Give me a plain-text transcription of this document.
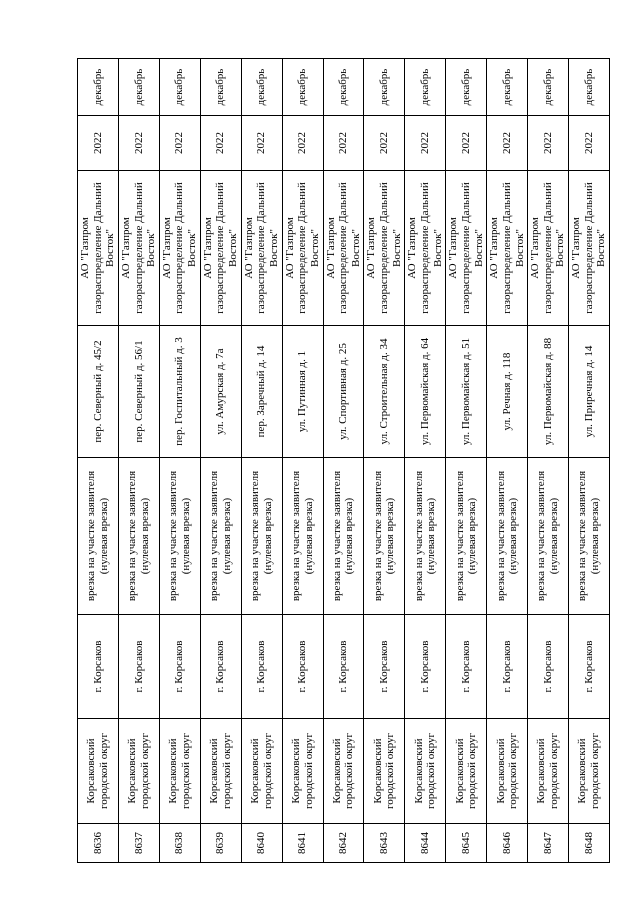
8636	Корсаковский городской округ	г. Корсаков	врезка на участке заявителя (нулевая врезка)	пер. Северный д. 45/2	АО "Газпром газораспределение Дальний Восток"	2022	декабрь
8637	Корсаковский городской округ	г. Корсаков	врезка на участке заявителя (нулевая врезка)	пер. Северный д. 56/1	АО "Газпром газораспределение Дальний Восток"	2022	декабрь
8638	Корсаковский городской округ	г. Корсаков	врезка на участке заявителя (нулевая врезка)	пер. Госпитальный д. 3	АО "Газпром газораспределение Дальний Восток"	2022	декабрь
8639	Корсаковский городской округ	г. Корсаков	врезка на участке заявителя (нулевая врезка)	ул. Амурская д. 7а	АО "Газпром газораспределение Дальний Восток"	2022	декабрь
8640	Корсаковский городской округ	г. Корсаков	врезка на участке заявителя (нулевая врезка)	пер. Заречный д. 14	АО "Газпром газораспределение Дальний Восток"	2022	декабрь
8641	Корсаковский городской округ	г. Корсаков	врезка на участке заявителя (нулевая врезка)	ул. Путинная д. 1	АО "Газпром газораспределение Дальний Восток"	2022	декабрь
8642	Корсаковский городской округ	г. Корсаков	врезка на участке заявителя (нулевая врезка)	ул. Спортивная д. 25	АО "Газпром газораспределение Дальний Восток"	2022	декабрь
8643	Корсаковский городской округ	г. Корсаков	врезка на участке заявителя (нулевая врезка)	ул. Строительная д. 34	АО "Газпром газораспределение Дальний Восток"	2022	декабрь
8644	Корсаковский городской округ	г. Корсаков	врезка на участке заявителя (нулевая врезка)	ул. Первомайская д. 64	АО "Газпром газораспределение Дальний Восток"	2022	декабрь
8645	Корсаковский городской округ	г. Корсаков	врезка на участке заявителя (нулевая врезка)	ул. Первомайская д. 51	АО "Газпром газораспределение Дальний Восток"	2022	декабрь
8646	Корсаковский городской округ	г. Корсаков	врезка на участке заявителя (нулевая врезка)	ул. Речная д. 118	АО "Газпром газораспределение Дальний Восток"	2022	декабрь
8647	Корсаковский городской округ	г. Корсаков	врезка на участке заявителя (нулевая врезка)	ул. Первомайская д. 88	АО "Газпром газораспределение Дальний Восток"	2022	декабрь
8648	Корсаковский городской округ	г. Корсаков	врезка на участке заявителя (нулевая врезка)	ул. Приречная д. 14	АО "Газпром газораспределение Дальний Восток"	2022	декабрь
